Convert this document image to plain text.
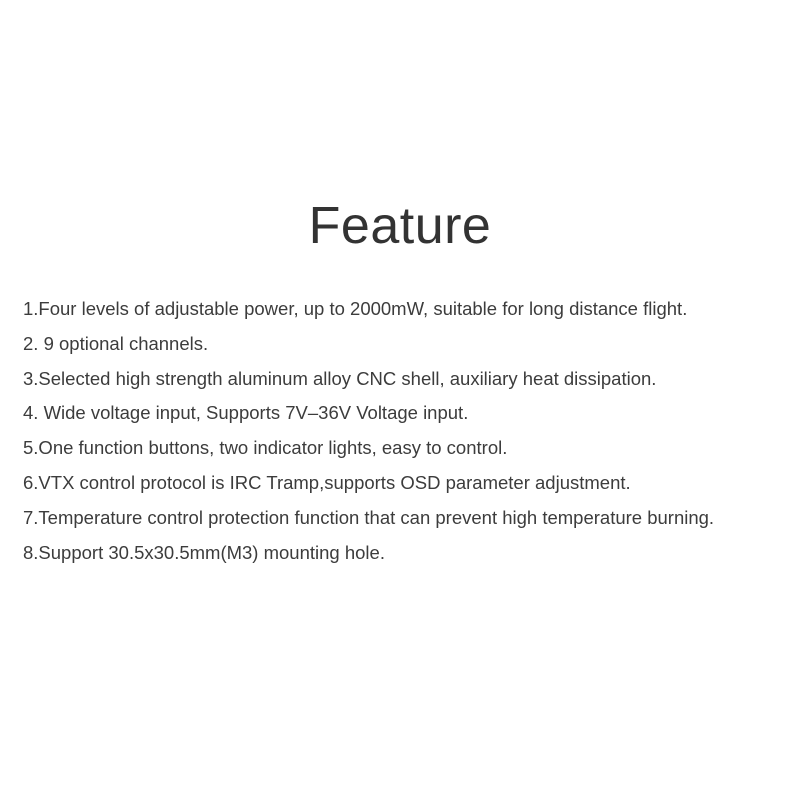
Feature
1.Four levels of adjustable power, up to 2000mW, suitable for long distance flight.
2. 9 optional channels.
3.Selected high strength aluminum alloy CNC shell, auxiliary heat dissipation.
4. Wide voltage input, Supports 7V–36V Voltage input.
5.One function buttons, two indicator lights, easy to control.
6.VTX control protocol is IRC Tramp,supports OSD parameter adjustment.
7.Temperature control protection function that can prevent high temperature burning.
8.Support 30.5x30.5mm(M3) mounting hole.
